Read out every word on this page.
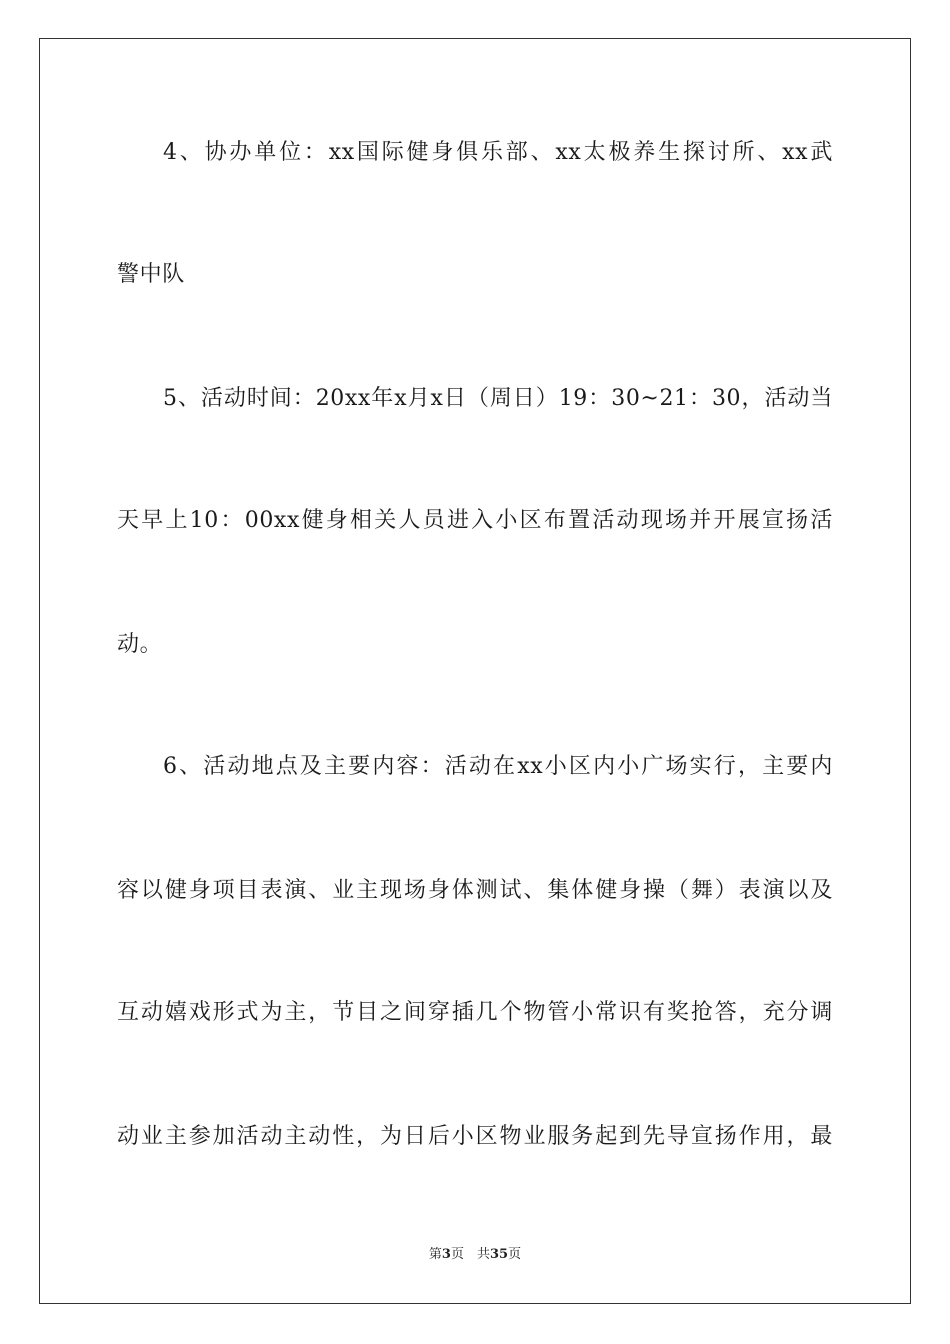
4、协办单位：xx国际健身俱乐部、xx太极养生探讨所、xx武
警中队
5、活动时间：20xx年x月x日（周日）19：30~21：30，活动当
天早上10：00xx健身相关人员进入小区布置活动现场并开展宣扬活
动。
6、活动地点及主要内容：活动在xx小区内小广场实行，主要内
容以健身项目表演、业主现场身体测试、集体健身操（舞）表演以及
互动嬉戏形式为主，节目之间穿插几个物管小常识有奖抢答，充分调
动业主参加活动主动性，为日后小区物业服务起到先导宣扬作用，最
第3页　共35页
